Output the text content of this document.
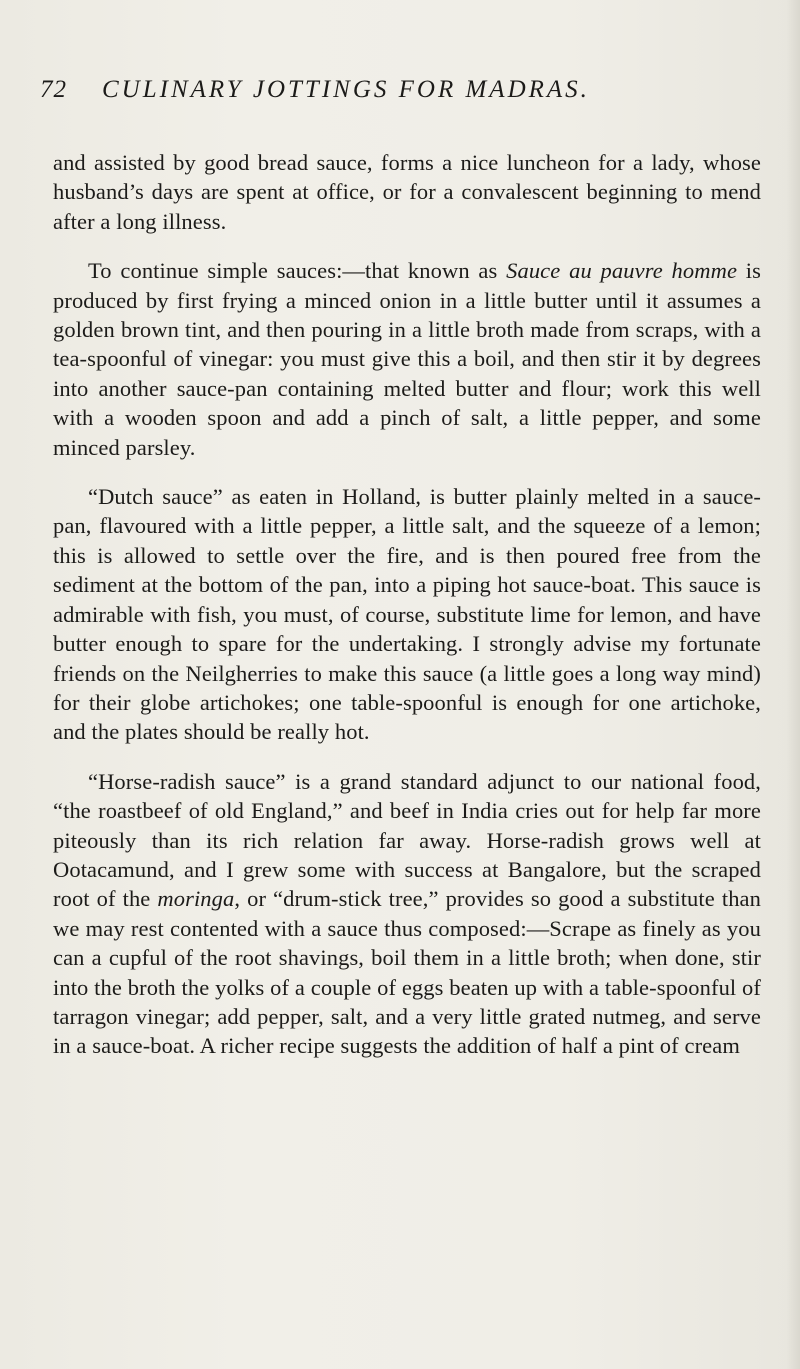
72 CULINARY JOTTINGS FOR MADRAS.

and assisted by good bread sauce, forms a nice luncheon for a lady, whose husband’s days are spent at office, or for a convalescent beginning to mend after a long illness.

To continue simple sauces:—that known as Sauce au pauvre homme is produced by first frying a minced onion in a little butter until it assumes a golden brown tint, and then pouring in a little broth made from scraps, with a tea-spoonful of vinegar: you must give this a boil, and then stir it by degrees into another sauce-pan containing melted butter and flour; work this well with a wooden spoon and add a pinch of salt, a little pepper, and some minced parsley.

“Dutch sauce” as eaten in Holland, is butter plainly melted in a sauce-pan, flavoured with a little pepper, a little salt, and the squeeze of a lemon; this is allowed to settle over the fire, and is then poured free from the sediment at the bottom of the pan, into a piping hot sauce-boat. This sauce is admirable with fish, you must, of course, substitute lime for lemon, and have butter enough to spare for the undertaking. I strongly advise my fortunate friends on the Neilgherries to make this sauce (a little goes a long way mind) for their globe artichokes; one table-spoonful is enough for one artichoke, and the plates should be really hot.

“Horse-radish sauce” is a grand standard adjunct to our national food, “the roastbeef of old England,” and beef in India cries out for help far more piteously than its rich relation far away. Horse-radish grows well at Ootacamund, and I grew some with success at Bangalore, but the scraped root of the moringa, or “drum-stick tree,” provides so good a substitute than we may rest contented with a sauce thus composed:—Scrape as finely as you can a cupful of the root shavings, boil them in a little broth; when done, stir into the broth the yolks of a couple of eggs beaten up with a table-spoonful of tarragon vinegar; add pepper, salt, and a very little grated nutmeg, and serve in a sauce-boat. A richer recipe suggests the addition of half a pint of cream
